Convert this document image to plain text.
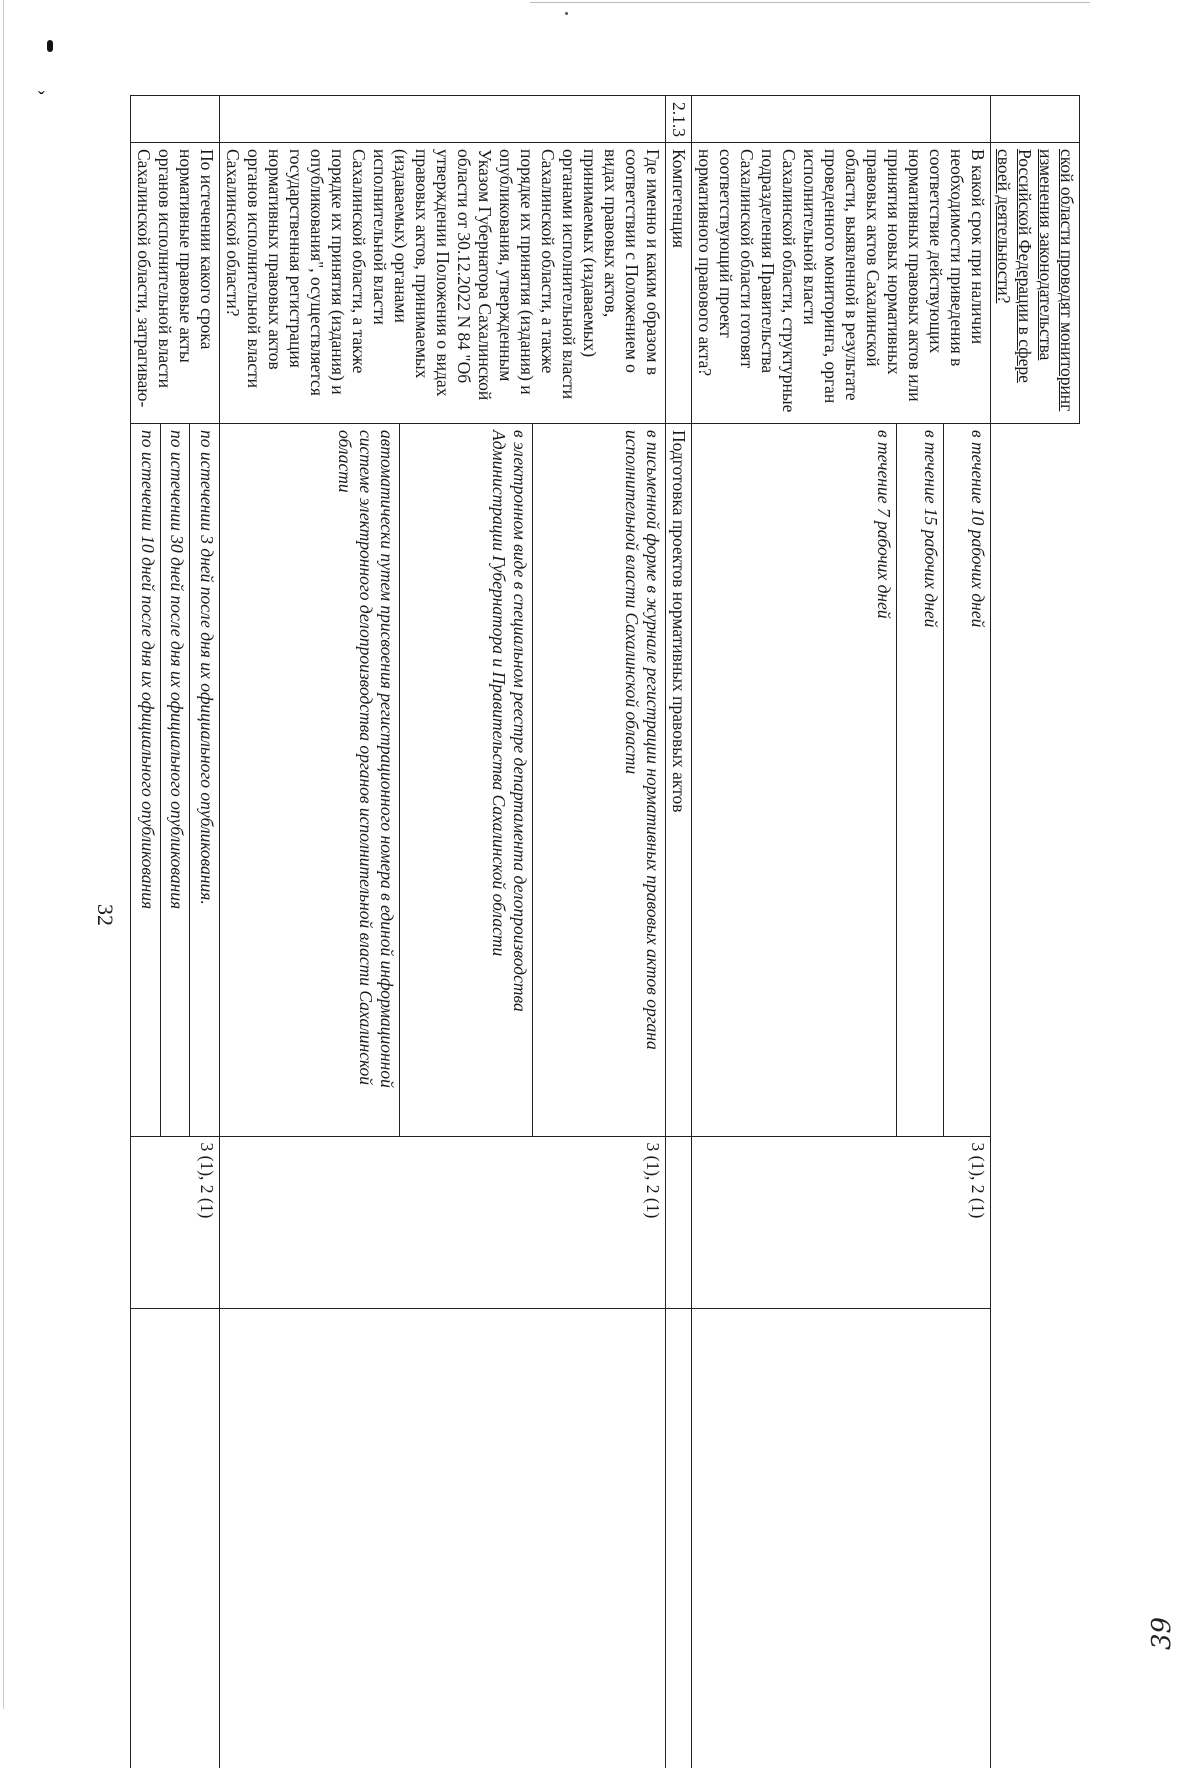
ˇ
	ской области проводят мониторинг изменения законодательства Российской Федерации в сфере своей деятельности?			
	В какой срок при наличии необходимости приведения в соответствие действующих нормативных правовых актов или принятия новых нормативных правовых актов Сахалинской области, выявленной в результате проведенного мониторинга, орган исполнительной власти Сахалинской области, структурные подразделения Правительства Сахалинской области готовят соответствующий проект нормативного правового акта?	в течение 10 рабочих дней	3 (1), 2 (1)	
		в течение 15 рабочих дней		
		в течение 7 рабочих дней		
2.1.3	Компетенция	Подготовка проектов нормативных правовых актов		
	Где именно и каким образом в соответствии с Положением о видах правовых актов, принимаемых (издаваемых) органами исполнительной власти Сахалинской области, а также порядке их принятия (издания) и опубликования, утвержденным Указом Губернатора Сахалинской области от 30.12.2022 N 84 "Об утверждении Положения о видах правовых актов, принимаемых (издаваемых) органами исполнительной власти Сахалинской области, а также порядке их принятия (издания) и опубликования", осуществляется государственная регистрация нормативных правовых актов органов исполнительной власти Сахалинской области?	в письменной форме в журнале регистрации нормативных правовых актов органа исполнительной власти Сахалинской области	3 (1), 2 (1)	
		в электронном виде в специальном реестре департамента делопроизводства Администрации Губернатора и Правительства Сахалинской области		
		автоматически путем присвоения регистрационного номера в единой информационной системе электронного делопроизводства органов исполнительной власти Сахалинской области		
	По истечении какого срока нормативные правовые акты органов исполнительной власти Сахалинской области, затрагиваю-	по истечении 3 дней после дня их официального опубликования.	3 (1), 2 (1)	
		по истечении 30 дней после дня их официального опубликования		
		по истечении 10 дней после дня их официального опубликования		
32
39
